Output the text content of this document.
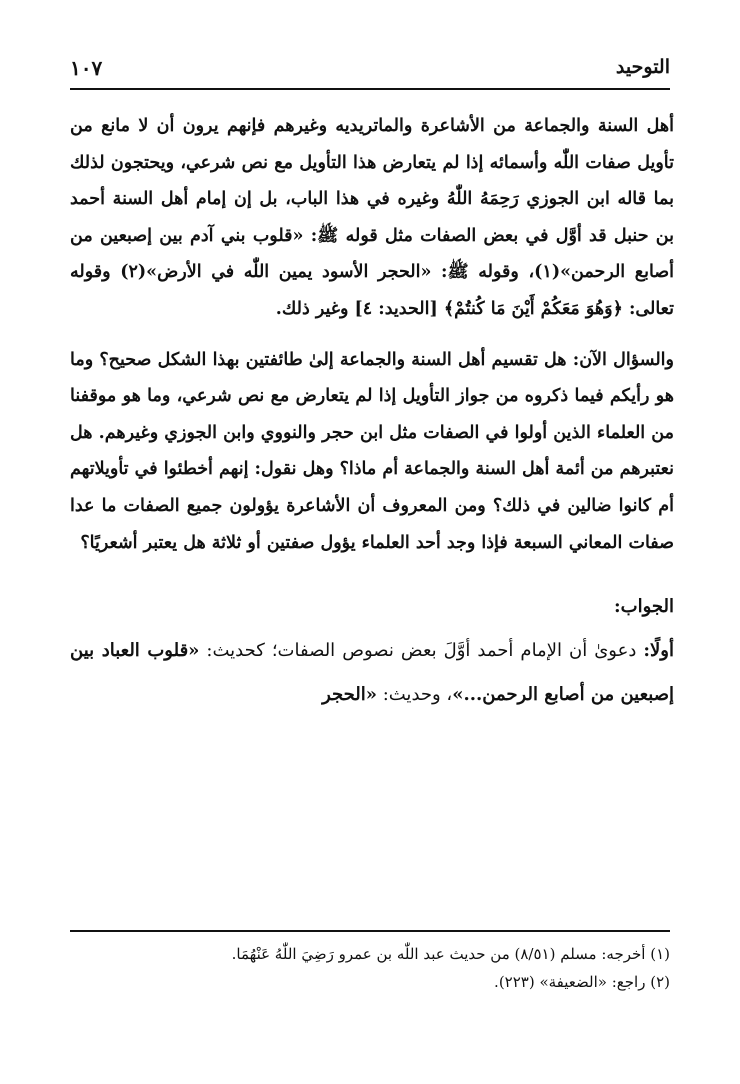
التوحيد
١٠٧

أهل السنة والجماعة من الأشاعرة والماتريديه وغيرهم فإنهم يرون أن لا مانع من تأويل صفات اللّٰه وأسمائه إذا لم يتعارض هذا التأويل مع نص شرعي، ويحتجون لذلك بما قاله ابن الجوزي رَحِمَهُ اللّٰهُ وغيره في هذا الباب، بل إن إمام أهل السنة أحمد بن حنبل قد أوَّل في بعض الصفات مثل قوله ﷺ: «قلوب بني آدم بين إصبعين من أصابع الرحمن»(١)، وقوله ﷺ: «الحجر الأسود يمين اللّٰه في الأرض»(٢) وقوله تعالى: ﴿وَهُوَ مَعَكُمْ أَيْنَ مَا كُنتُمْ﴾ [الحديد: ٤] وغير ذلك.

والسؤال الآن: هل تقسيم أهل السنة والجماعة إلىٰ طائفتين بهذا الشكل صحيح؟ وما هو رأيكم فيما ذكروه من جواز التأويل إذا لم يتعارض مع نص شرعي، وما هو موقفنا من العلماء الذين أولوا في الصفات مثل ابن حجر والنووي وابن الجوزي وغيرهم. هل نعتبرهم من أئمة أهل السنة والجماعة أم ماذا؟ وهل نقول: إنهم أخطئوا في تأويلاتهم أم كانوا ضالين في ذلك؟ ومن المعروف أن الأشاعرة يؤولون جميع الصفات ما عدا صفات المعاني السبعة فإذا وجد أحد العلماء يؤول صفتين أو ثلاثة هل يعتبر أشعريًا؟

الجواب:

أولًا: دعوىٰ أن الإمام أحمد أوَّلَ بعض نصوص الصفات؛ كحديث: «قلوب العباد بين إصبعين من أصابع الرحمن...»، وحديث: «الحجر

(١) أخرجه: مسلم (٨/٥١) من حديث عبد اللّٰه بن عمرو رَضِيَ اللّٰهُ عَنْهُمَا.

(٢) راجع: «الضعيفة» (٢٢٣).
